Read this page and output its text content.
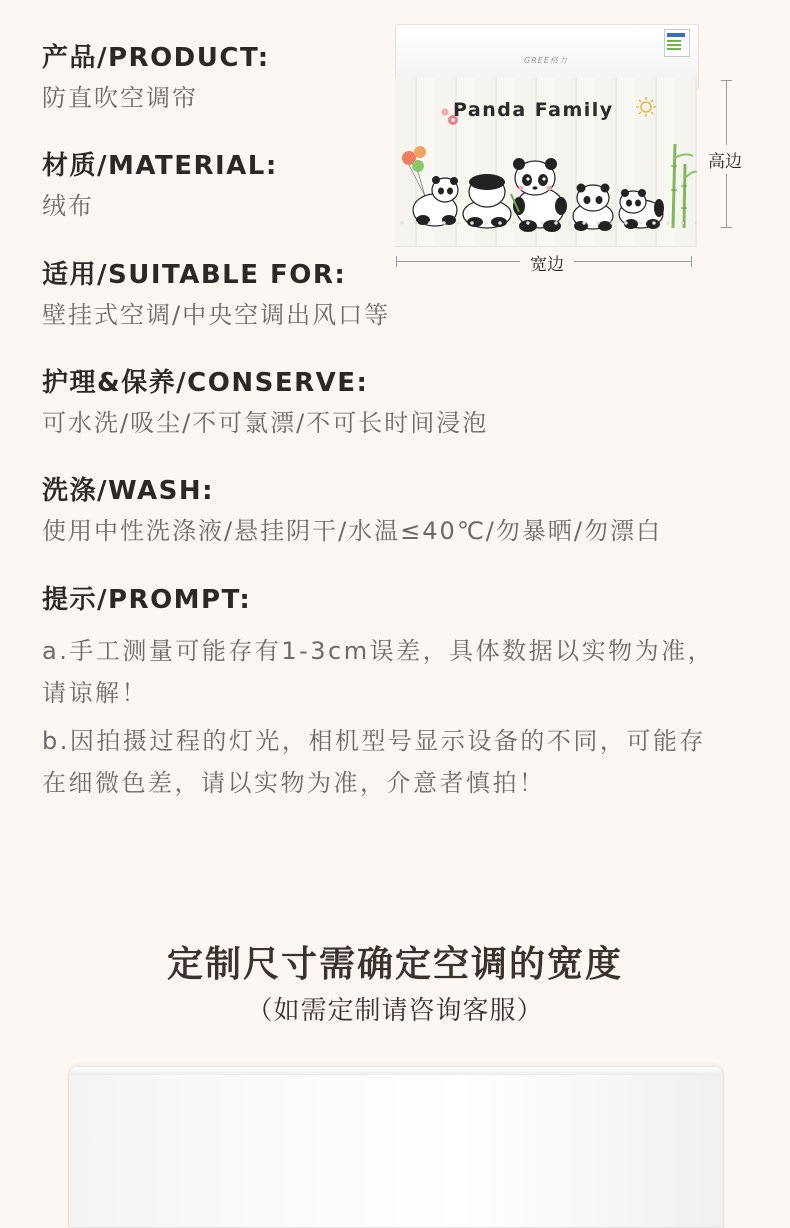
产品/PRODUCT:
防直吹空调帘
材质/MATERIAL:
绒布
适用/SUITABLE FOR:
壁挂式空调/中央空调出风口等
护理&保养/CONSERVE:
可水洗/吸尘/不可氯漂/不可长时间浸泡
洗涤/WASH:
使用中性洗涤液/悬挂阴干/水温≤40℃/勿暴晒/勿漂白
提示/PROMPT:
a.手工测量可能存有1-3cm误差，具体数据以实物为准，请谅解！
b.因拍摄过程的灯光，相机型号显示设备的不同，可能存在细微色差，请以实物为准，介意者慎拍！
GREE格力
Panda Family
高边
宽边
定制尺寸需确定空调的宽度
（如需定制请咨询客服）
